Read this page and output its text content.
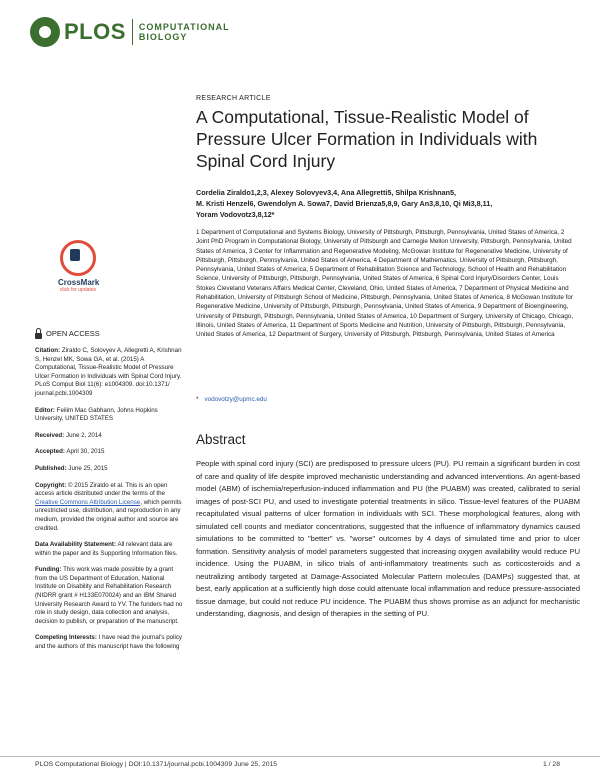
PLOS COMPUTATIONAL
BIOLOGY
CrossMark
click for updates
OPEN ACCESS
Citation: Ziraldo C, Solovyev A, Allegretti A, Krishnan S, Henzel MK, Sowa GA, et al. (2015) A Computational, Tissue-Realistic Model of Pressure Ulcer Formation in Individuals with Spinal Cord Injury. PLoS Comput Biol 11(6): e1004309. doi:10.1371/ journal.pcbi.1004309
Editor: Feilim Mac Gabhann, Johns Hopkins University, UNITED STATES
Received: June 2, 2014
Accepted: April 30, 2015
Published: June 25, 2015
Copyright: © 2015 Ziraldo et al. This is an open access article distributed under the terms of the Creative Commons Attribution License, which permits unrestricted use, distribution, and reproduction in any medium, provided the original author and source are credited.
Data Availability Statement: All relevant data are within the paper and its Supporting Information files.
Funding: This work was made possible by a grant from the US Department of Education, National Institute on Disability and Rehabilitation Research (NIDRR grant # H133E070024) and an IBM Shared University Research Award to YV. The funders had no role in study design, data collection and analysis, decision to publish, or preparation of the manuscript.
Competing Interests: I have read the journal's policy and the authors of this manuscript have the following
RESEARCH ARTICLE
A Computational, Tissue-Realistic Model of Pressure Ulcer Formation in Individuals with Spinal Cord Injury
Cordelia Ziraldo1,2,3, Alexey Solovyev3,4, Ana Allegretti5, Shilpa Krishnan5,
M. Kristi Henzel6, Gwendolyn A. Sowa7, David Brienza5,8,9, Gary An3,8,10, Qi Mi3,8,11,
Yoram Vodovotz3,8,12*
1 Department of Computational and Systems Biology, University of Pittsburgh, Pittsburgh, Pennsylvania, United States of America, 2 Joint PhD Program in Computational Biology, University of Pittsburgh and Carnegie Mellon University, Pittsburgh, Pennsylvania, United States of America, 3 Center for Inflammation and Regenerative Modeling, McGowan Institute for Regenerative Medicine, University of Pittsburgh, Pittsburgh, Pennsylvania, United States of America, 4 Department of Mathematics, University of Pittsburgh, Pittsburgh, Pennsylvania, United States of America, 5 Department of Rehabilitation Science and Technology, School of Health and Rehabilitation Science, University of Pittsburgh, Pittsburgh, Pennsylvania, United States of America, 6 Spinal Cord Injury/Disorders Center, Louis Stokes Cleveland Veterans Affairs Medical Center, Cleveland, Ohio, United States of America, 7 Department of Physical Medicine and Rehabilitation, University of Pittsburgh School of Medicine, Pittsburgh, Pennsylvania, United States of America, 8 McGowan Institute for Regenerative Medicine, University of Pittsburgh, Pittsburgh, Pennsylvania, United States of America, 9 Department of Bioengineering, University of Pittsburgh, Pittsburgh, Pennsylvania, United States of America, 10 Department of Surgery, University of Chicago, Chicago, Illinois, United States of America, 11 Department of Sports Medicine and Nutrition, University of Pittsburgh, Pittsburgh, Pennsylvania, United States of America, 12 Department of Surgery, University of Pittsburgh, Pittsburgh, Pennsylvania, United States of America
* vodovotzy@upmc.edu
Abstract
People with spinal cord injury (SCI) are predisposed to pressure ulcers (PU). PU remain a significant burden in cost of care and quality of life despite improved mechanistic understanding and advanced interventions. An agent-based model (ABM) of ischemia/reperfusion-induced inflammation and PU (the PUABM) was created, calibrated to serial images of post-SCI PU, and used to investigate potential treatments in silico. Tissue-level features of the PUABM recapitulated visual patterns of ulcer formation in individuals with SCI. These morphological features, along with simulated cell counts and mediator concentrations, suggested that the influence of inflammatory dynamics caused simulations to be committed to "better" vs. "worse" outcomes by 4 days of simulated time and prior to ulcer formation. Sensitivity analysis of model parameters suggested that increasing oxygen availability would reduce PU incidence. Using the PUABM, in silico trials of anti-inflammatory treatments such as corticosteroids and a neutralizing antibody targeted at Damage-Associated Molecular Pattern molecules (DAMPs) suggested that, at best, early application at a sufficiently high dose could attenuate local inflammation and reduce pressure-associated tissue damage, but could not reduce PU incidence. The PUABM thus shows promise as an adjunct for mechanistic understanding, diagnosis, and design of therapies in the setting of PU.
PLOS Computational Biology | DOI:10.1371/journal.pcbi.1004309 June 25, 2015	1 / 28
